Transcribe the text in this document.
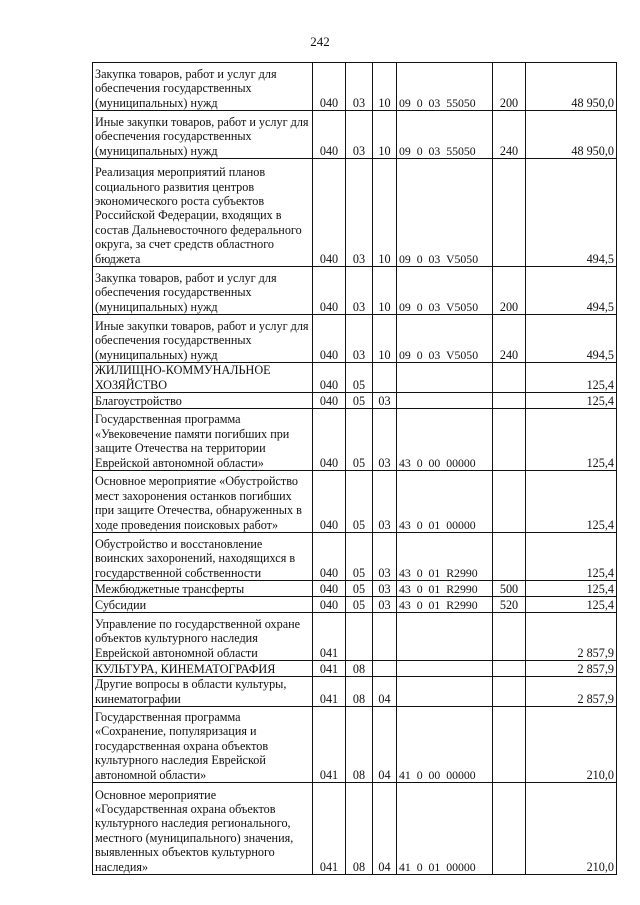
242
Закупка товаров, работ и услуг для обеспечения государственных (муниципальных) нужд	040	03	10	09  0  03  55050	200	48 950,0

Иные закупки товаров, работ и услуг для обеспечения государственных (муниципальных) нужд	040	03	10	09  0  03  55050	240	48 950,0

Реализация мероприятий планов социального развития центров экономического роста субъектов Российской Федерации, входящих в состав Дальневосточного федерального округа, за счет средств областного бюджета	040	03	10	09  0  03  V5050		494,5

Закупка товаров, работ и услуг для обеспечения государственных (муниципальных) нужд	040	03	10	09  0  03  V5050	200	494,5

Иные закупки товаров, работ и услуг для обеспечения государственных (муниципальных) нужд	040	03	10	09  0  03  V5050	240	494,5

ЖИЛИЩНО-КОММУНАЛЬНОЕ ХОЗЯЙСТВО	040	05				125,4

Благоустройство	040	05	03			125,4

Государственная программа «Увековечение памяти погибших при защите Отечества на территории Еврейской автономной области»	040	05	03	43  0  00  00000		125,4

Основное мероприятие «Обустройство мест захоронения останков погибших при защите Отечества, обнаруженных в ходе проведения поисковых работ»	040	05	03	43  0  01  00000		125,4

Обустройство и восстановление воинских захоронений, находящихся в государственной собственности	040	05	03	43  0  01  R2990		125,4

Межбюджетные трансферты	040	05	03	43  0  01  R2990	500	125,4

Субсидии	040	05	03	43  0  01  R2990	520	125,4

Управление по государственной охране объектов культурного наследия Еврейской автономной области	041					2 857,9

КУЛЬТУРА, КИНЕМАТОГРАФИЯ	041	08				2 857,9

Другие вопросы в области культуры, кинематографии	041	08	04			2 857,9

Государственная программа «Сохранение, популяризация и государственная охрана объектов культурного наследия Еврейской автономной области»	041	08	04	41  0  00  00000		210,0

Основное мероприятие «Государственная охрана объектов культурного наследия регионального, местного (муниципального) значения, выявленных объектов культурного наследия»	041	08	04	41  0  01  00000		210,0
